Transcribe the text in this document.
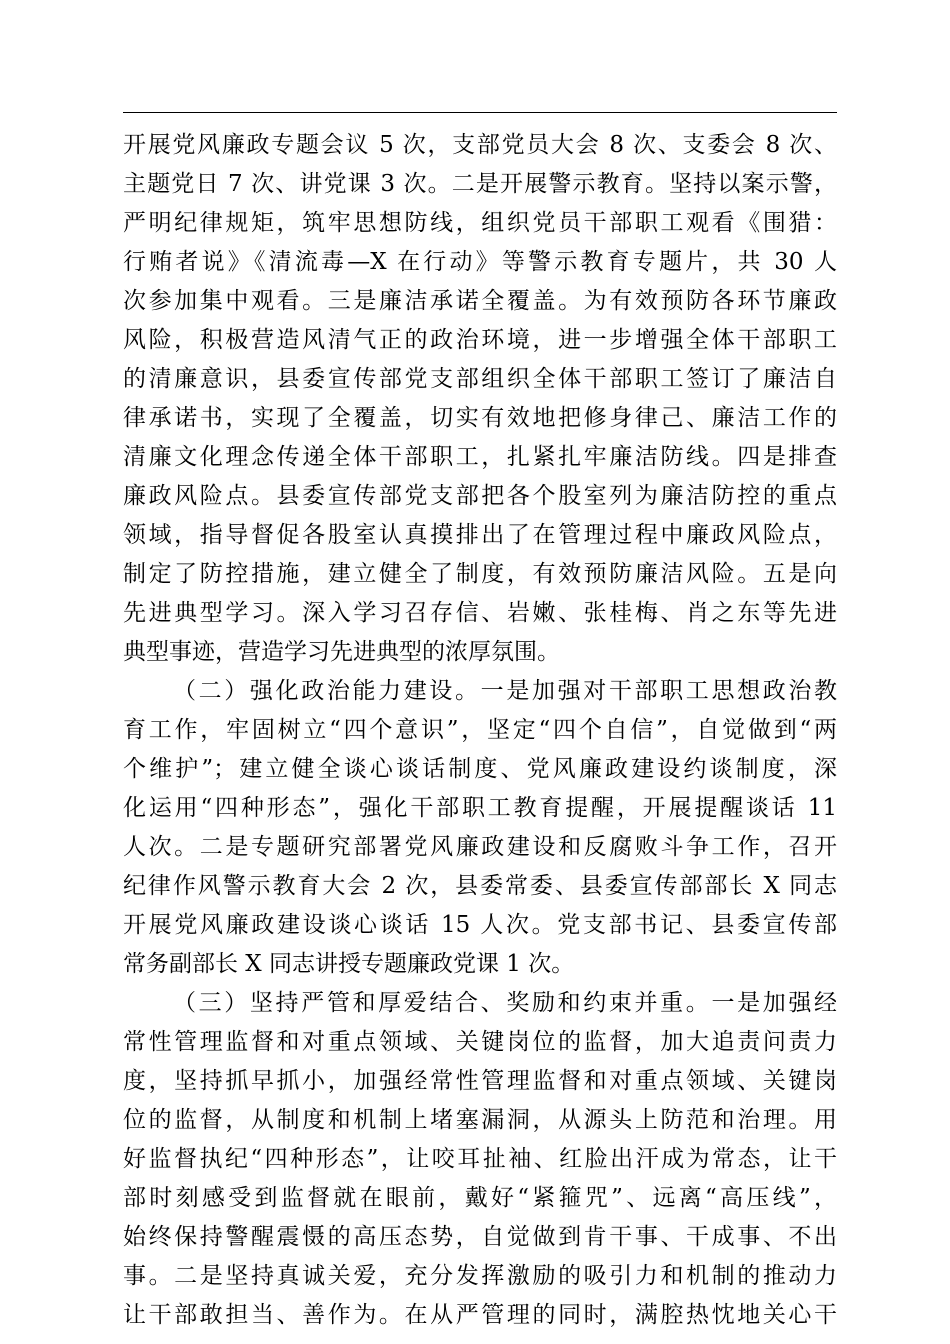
开展党风廉政专题会议 5 次，支部党员大会 8 次、支委会 8 次、
主题党日 7 次、讲党课 3 次。二是开展警示教育。坚持以案示警，
严明纪律规矩，筑牢思想防线，组织党员干部职工观看《围猎：
行贿者说》《清流毒—X 在行动》等警示教育专题片，共 30 人
次参加集中观看。三是廉洁承诺全覆盖。为有效预防各环节廉政
风险，积极营造风清气正的政治环境，进一步增强全体干部职工
的清廉意识，县委宣传部党支部组织全体干部职工签订了廉洁自
律承诺书，实现了全覆盖，切实有效地把修身律己、廉洁工作的
清廉文化理念传递全体干部职工，扎紧扎牢廉洁防线。四是排查
廉政风险点。县委宣传部党支部把各个股室列为廉洁防控的重点
领域，指导督促各股室认真摸排出了在管理过程中廉政风险点，
制定了防控措施，建立健全了制度，有效预防廉洁风险。五是向
先进典型学习。深入学习召存信、岩嫩、张桂梅、肖之东等先进
典型事迹，营造学习先进典型的浓厚氛围。
（二）强化政治能力建设。一是加强对干部职工思想政治教
育工作，牢固树立“四个意识”，坚定“四个自信”，自觉做到“两
个维护”；建立健全谈心谈话制度、党风廉政建设约谈制度，深
化运用“四种形态”，强化干部职工教育提醒，开展提醒谈话 11
人次。二是专题研究部署党风廉政建设和反腐败斗争工作，召开
纪律作风警示教育大会 2 次，县委常委、县委宣传部部长 X 同志
开展党风廉政建设谈心谈话 15 人次。党支部书记、县委宣传部
常务副部长 X 同志讲授专题廉政党课 1 次。
（三）坚持严管和厚爱结合、奖励和约束并重。一是加强经
常性管理监督和对重点领域、关键岗位的监督，加大追责问责力
度，坚持抓早抓小，加强经常性管理监督和对重点领域、关键岗
位的监督，从制度和机制上堵塞漏洞，从源头上防范和治理。用
好监督执纪“四种形态”，让咬耳扯袖、红脸出汗成为常态，让干
部时刻感受到监督就在眼前，戴好“紧箍咒”、远离“高压线”，
始终保持警醒震慑的高压态势，自觉做到肯干事、干成事、不出
事。二是坚持真诚关爱，充分发挥激励的吸引力和机制的推动力
让干部敢担当、善作为。在从严管理的同时，满腔热忱地关心干
